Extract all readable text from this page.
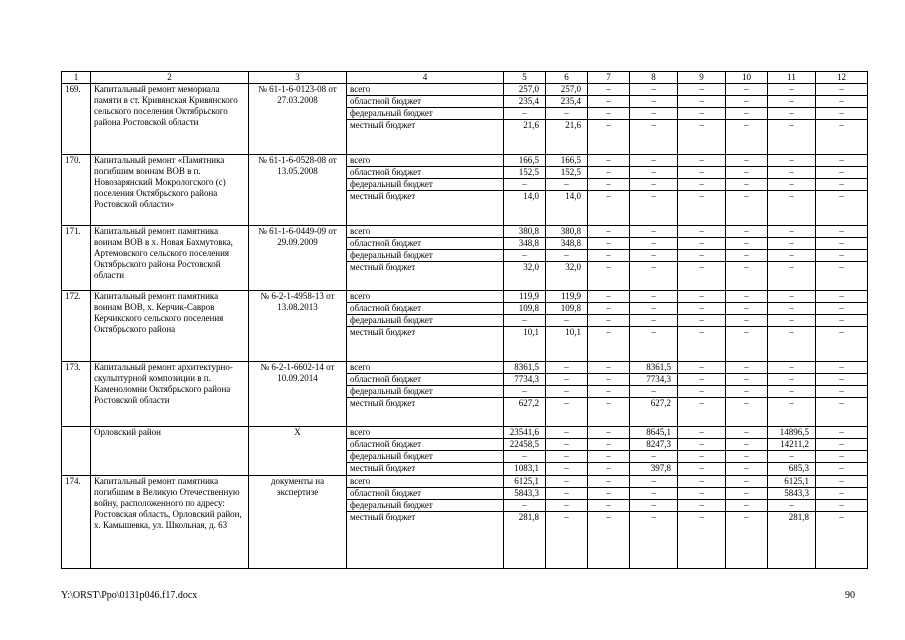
1	2	3	4	5	6	7	8	9	10	11	12
169.	Капитальный ремонт мемориала памяти в ст. Кривянская Кривянского сельского поселения Октябрьского района Ростовской области	№ 61-1-6-0123-08 от 27.03.2008	всего	257,0	257,0	–	–	–	–	–	–
			областной бюджет	235,4	235,4	–	–	–	–	–	–
			федеральный бюджет	–	–	–	–	–	–	–	–
			местный бюджет	21,6	21,6	–	–	–	–	–	–
170.	Капитальный ремонт «Памятника погибшим воинам ВОВ в п. Новозарянский Мокрологского (с) поселения Октябрьского района Ростовской области»	№ 61-1-6-0528-08 от 13.05.2008	всего	166,5	166,5	–	–	–	–	–	–
			областной бюджет	152,5	152,5	–	–	–	–	–	–
			федеральный бюджет	–	–	–	–	–	–	–	–
			местный бюджет	14,0	14,0	–	–	–	–	–	–
171.	Капитальный ремонт памятника воинам ВОВ в х. Новая Бахмутовка, Артемовского сельского поселения Октябрьского района Ростовской области	№ 61-1-6-0449-09 от 29.09.2009	всего	380,8	380,8	–	–	–	–	–	–
			областной бюджет	348,8	348,8	–	–	–	–	–	–
			федеральный бюджет	–	–	–	–	–	–	–	–
			местный бюджет	32,0	32,0	–	–	–	–	–	–
172.	Капитальный ремонт памятника воинам ВОВ, х. Керчик-Савров Керчикского сельского поселения Октябрьского района	№ 6-2-1-4958-13 от 13.08.2013	всего	119,9	119,9	–	–	–	–	–	–
			областной бюджет	109,8	109,8	–	–	–	–	–	–
			федеральный бюджет	–	–	–	–	–	–	–	–
			местный бюджет	10,1	10,1	–	–	–	–	–	–
173.	Капитальный ремонт архитектурно-скульптурной композиции в п. Каменоломни Октябрьского района Ростовской области	№ 6-2-1-6602-14 от 10.09.2014	всего	8361,5	–	–	8361,5	–	–	–	–
			областной бюджет	7734,3	–	–	7734,3	–	–	–	–
			федеральный бюджет	–	–	–	–	–	–	–	–
			местный бюджет	627,2	–	–	627,2	–	–	–	–
	Орловский район	X	всего	23541,6	–	–	8645,1	–	–	14896,5	–
			областной бюджет	22458,5	–	–	8247,3	–	–	14211,2	–
			федеральный бюджет	–	–	–	–	–	–	–	–
			местный бюджет	1083,1	–	–	397,8	–	–	685,3	–
174.	Капитальный ремонт памятника погибшим в Великую Отечественную войну, расположенного по адресу: Ростовская область, Орловский район, х. Камышевка, ул. Школьная, д. 63	документы на экспертизе	всего	6125,1	–	–	–	–	–	6125,1	–
			областной бюджет	5843,3	–	–	–	–	–	5843,3	–
			федеральный бюджет	–	–	–	–	–	–	–	–
			местный бюджет	281,8	–	–	–	–	–	281,8	–
Y:\ORST\Ppo\0131p046.f17.docx	90
